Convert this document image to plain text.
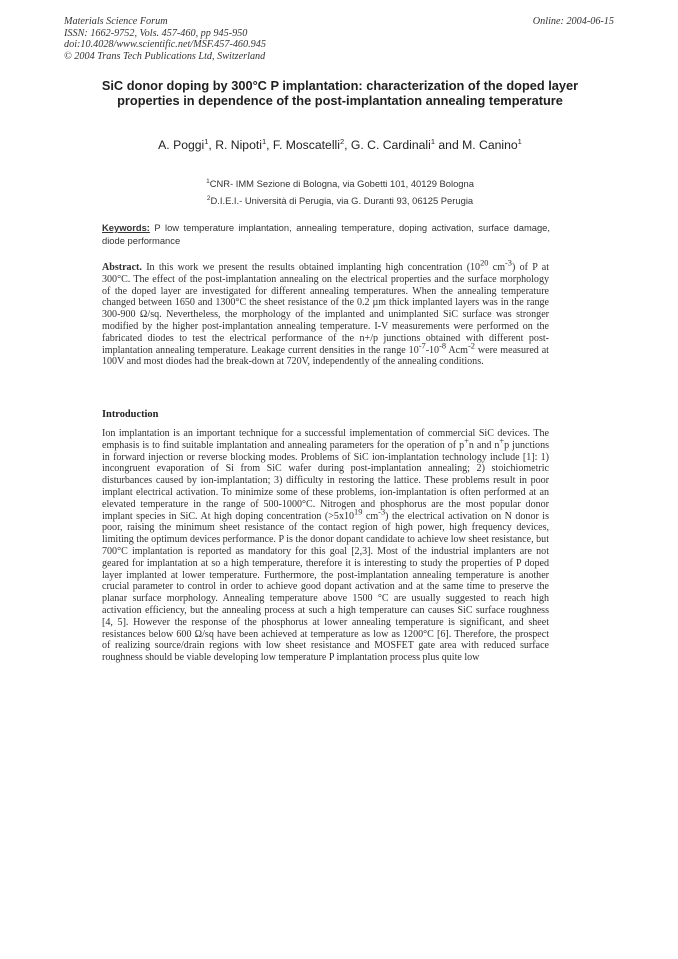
Materials Science Forum
ISSN: 1662-9752, Vols. 457-460, pp 945-950
doi:10.4028/www.scientific.net/MSF.457-460.945
© 2004 Trans Tech Publications Ltd, Switzerland
Online: 2004-06-15
SiC donor doping by 300°C P implantation: characterization of the doped layer properties in dependence of the post-implantation annealing temperature
A. Poggi$^1$, R. Nipoti$^1$, F. Moscatelli$^2$, G. C. Cardinali$^1$ and M. Canino$^1$
$^1$CNR- IMM Sezione di Bologna, via Gobetti 101, 40129 Bologna
$^2$D.I.E.I.- Università di Perugia, via G. Duranti 93, 06125 Perugia
Keywords: P low temperature implantation, annealing temperature, doping activation, surface damage, diode performance
Abstract. In this work we present the results obtained implanting high concentration ($10^{20}$ $cm^{-3}$) of P at 300°C. The effect of the post-implantation annealing on the electrical properties and the surface morphology of the doped layer are investigated for different annealing temperatures. When the annealing temperature changed between 1650 and 1300°C the sheet resistance of the 0.2 µm thick implanted layers was in the range 300-900 Ω/sq. Nevertheless, the morphology of the implanted and unimplanted SiC surface was stronger modified by the higher post-implantation annealing temperature. I-V measurements were performed on the fabricated diodes to test the electrical performance of the n+/p junctions obtained with different post-implantation annealing temperature. Leakage current densities in the range $10^{-7}-10^{-8}$ Acm$^{-2}$ were measured at 100V and most diodes had the break-down at 720V, independently of the annealing conditions.
Introduction

Ion implantation is an important technique for a successful implementation of commercial SiC devices. The emphasis is to find suitable implantation and annealing parameters for the operation of p+n and n+p junctions in forward injection or reverse blocking modes. Problems of SiC ion-implantation technology include [1]: 1) incongruent evaporation of Si from SiC wafer during post-implantation annealing; 2) stoichiometric disturbances caused by ion-implantation; 3) difficulty in restoring the lattice. These problems result in poor implant electrical activation. To minimize some of these problems, ion-implantation is often performed at an elevated temperature in the range of 500-1000°C. Nitrogen and phosphorus are the most popular donor implant species in SiC. At high doping concentration ($>5x10^{19}$ $cm^{-3}$) the electrical activation on N donor is poor, raising the minimum sheet resistance of the contact region of high power, high frequency devices, limiting the optimum devices performance. P is the donor dopant candidate to achieve low sheet resistance, but 700°C implantation is reported as mandatory for this goal [2,3]. Most of the industrial implanters are not geared for implantation at so a high temperature, therefore it is interesting to study the properties of P doped layer implanted at lower temperature. Furthermore, the post-implantation annealing temperature is another crucial parameter to control in order to achieve good dopant activation and at the same time to preserve the planar surface morphology. Annealing temperature above 1500 °C are usually suggested to reach high activation efficiency, but the annealing process at such a high temperature can causes SiC surface roughness [4, 5]. However the response of the phosphorus at lower annealing temperature is significant, and sheet resistances below 600 Ω/sq have been achieved at temperature as low as 1200°C [6]. Therefore, the prospect of realizing source/drain regions with low sheet resistance and MOSFET gate area with reduced surface roughness should be viable developing low temperature P implantation process plus quite low
